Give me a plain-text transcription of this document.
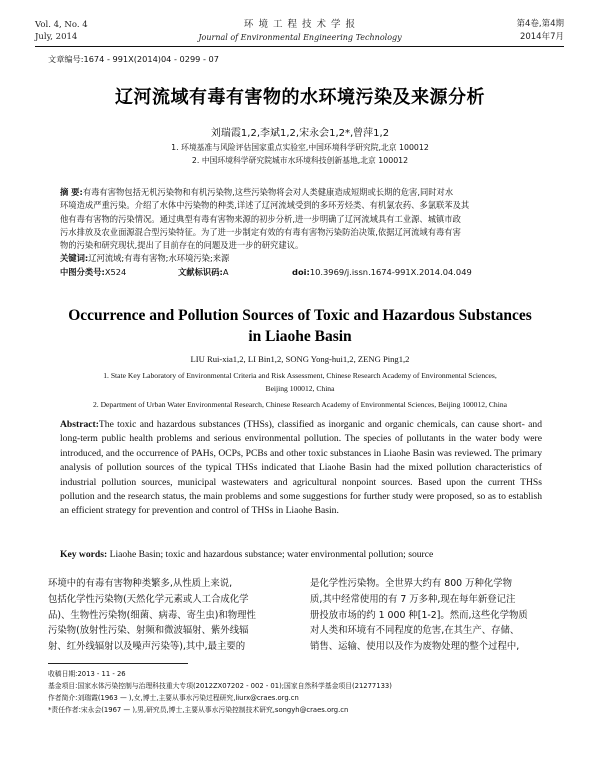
Vol. 4, No. 4
July, 2014
环 境 工 程 技 术 学 报
Journal of Environmental Engineering Technology
第4卷,第4期
2014年7月
文章编号:1674 - 991X(2014)04 - 0299 - 07
辽河流域有毒有害物的水环境污染及来源分析
刘瑞霞1,2,李斌1,2,宋永会1,2*,曾萍1,2
1. 环境基准与风险评估国家重点实验室,中国环境科学研究院,北京 100012
2. 中国环境科学研究院城市水环境科技创新基地,北京 100012
摘 要:有毒有害物包括无机污染物和有机污染物,这些污染物将会对人类健康造成短期或长期的危害,同时对水
环境造成严重污染。介绍了水体中污染物的种类,详述了辽河流域受到的多环芳烃类、有机氯农药、多氯联苯及其
他有毒有害物的污染情况。通过典型有毒有害物来源的初步分析,进一步明确了辽河流域具有工业源、城镇市政
污水排放及农业面源混合型污染特征。为了进一步制定有效的有毒有害物污染防治决策,依据辽河流域有毒有害
物的污染和研究现状,提出了目前存在的问题及进一步的研究建议。
关键词:辽河流域;有毒有害物;水环境污染;来源
中图分类号:X524	文献标识码:A	doi:10.3969/j.issn.1674-991X.2014.04.049
Occurrence and Pollution Sources of Toxic and Hazardous Substances
in Liaohe Basin
LIU Rui-xia1,2, LI Bin1,2, SONG Yong-hui1,2, ZENG Ping1,2
1. State Key Laboratory of Environmental Criteria and Risk Assessment, Chinese Research Academy of Environmental Sciences,
Beijing 100012, China
2. Department of Urban Water Environmental Research, Chinese Research Academy of Environmental Sciences, Beijing 100012, China
Abstract:The toxic and hazardous substances (THSs), classified as inorganic and organic chemicals, can cause short- and long-term public health problems and serious environmental pollution. The species of pollutants in the water body were introduced, and the occurrence of PAHs, OCPs, PCBs and other toxic substances in Liaohe Basin was reviewed. The primary analysis of pollution sources of the typical THSs indicated that Liaohe Basin had the mixed pollution characteristics of industrial pollution sources, municipal wastewaters and agricultural nonpoint sources. Based upon the current THSs pollution and the research status, the main problems and some suggestions for further study were proposed, so as to establish an efficient strategy for prevention and control of THSs in Liaohe Basin.
Key words: Liaohe Basin; toxic and hazardous substance; water environmental pollution; source
环境中的有毒有害物种类繁多,从性质上来说,
包括化学性污染物(天然化学元素或人工合成化学
品)、生物性污染物(细菌、病毒、寄生虫)和物理性
污染物(放射性污染、射频和微波辐射、紫外线辐
射、红外线辐射以及噪声污染等),其中,最主要的
是化学性污染物。全世界大约有 800 万种化学物
质,其中经常使用的有 7 万多种,现在每年新登记注
册投放市场的约 1 000 种[1-2]。然而,这些化学物质
对人类和环境有不同程度的危害,在其生产、存储、
销售、运输、使用以及作为废物处理的整个过程中,
收稿日期:2013 - 11 - 26
基金项目:国家水体污染控制与治理科技重大专项(2012ZX07202 - 002 - 01);国家自然科学基金项目(21277133)
作者简介:刘瑞霞(1963 — ),女,博士,主要从事水污染过程研究,liurx@craes.org.cn
*责任作者:宋永会(1967 — ),男,研究员,博士,主要从事水污染控制技术研究,songyh@craes.org.cn
